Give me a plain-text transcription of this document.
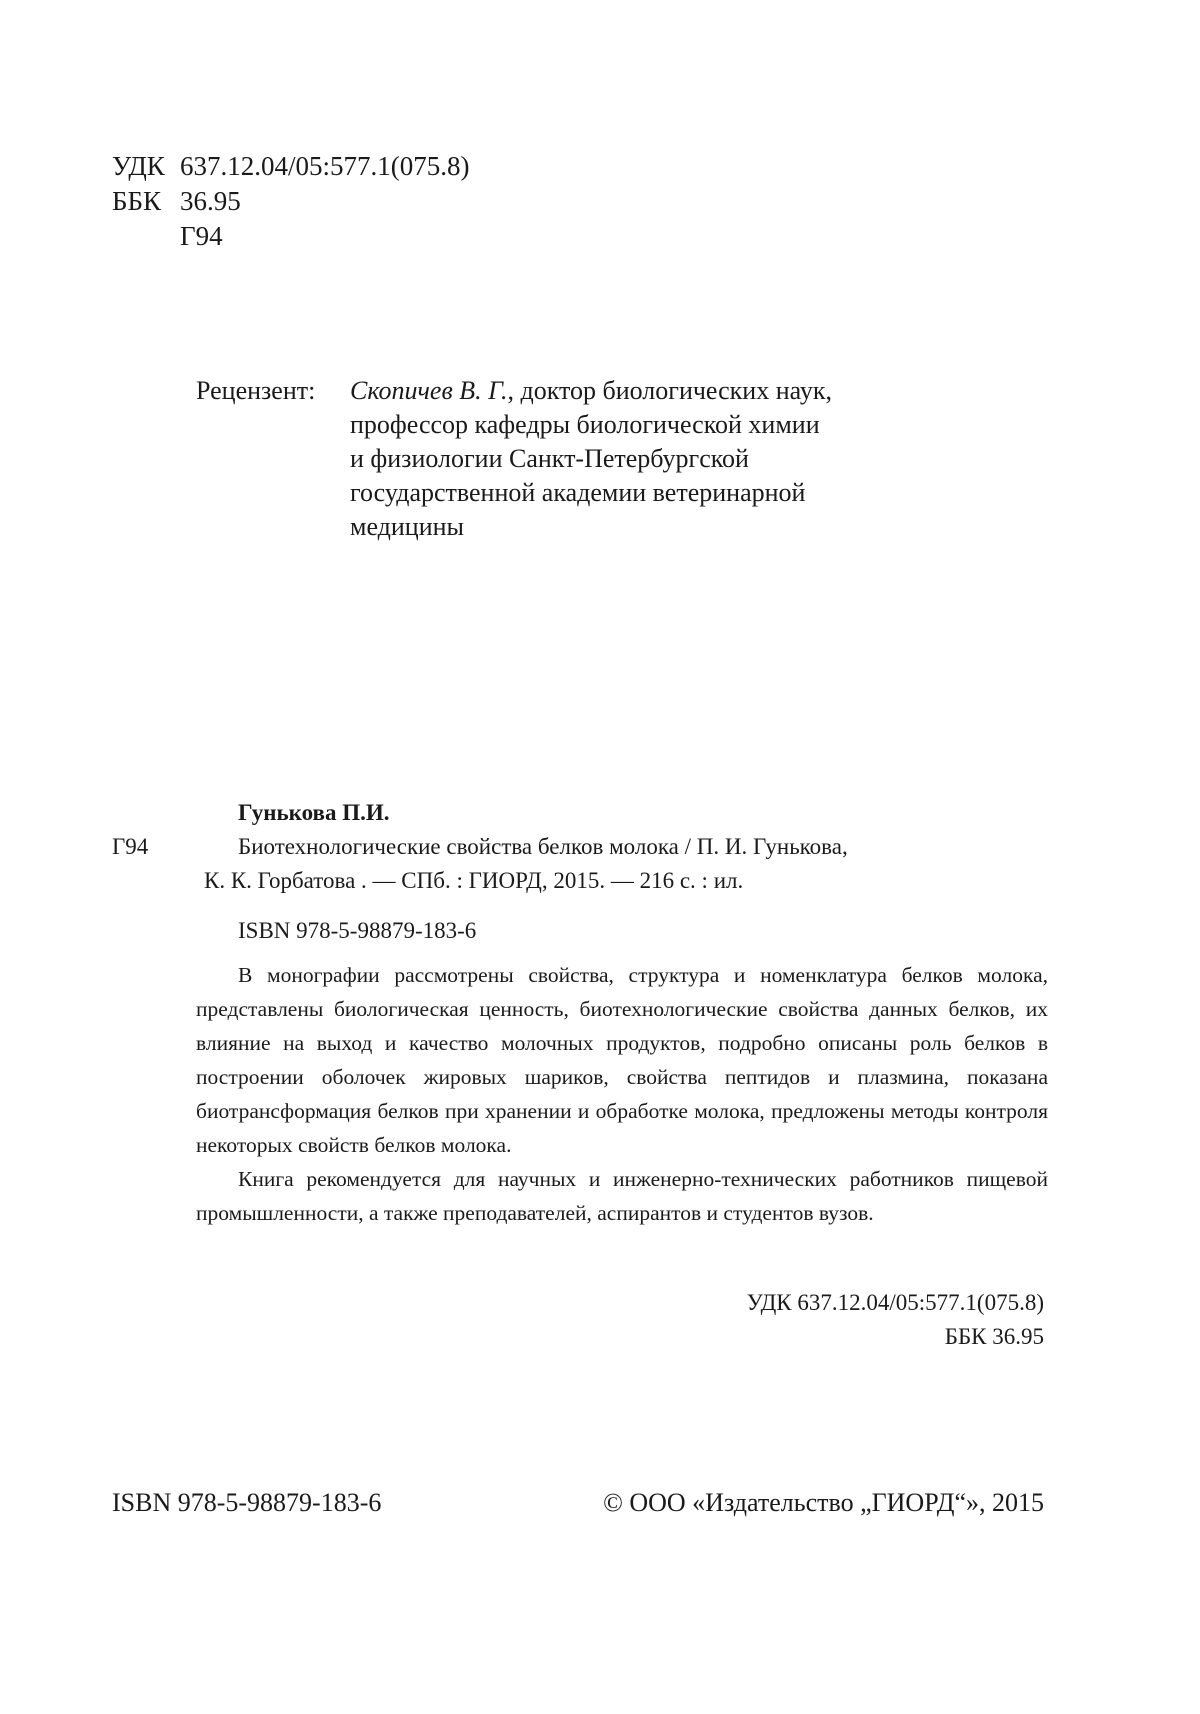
УДК 637.12.04/05:577.1(075.8)
ББК 36.95
Г94
Рецензент: Скопичев В. Г., доктор биологических наук,
профессор кафедры биологической химии
и физиологии Санкт-Петербургской
государственной академии ветеринарной
медицины
Гунькова П.И.
Г94	Биотехнологические свойства белков молока / П. И. Гунькова,
К. К. Горбатова . — СПб. : ГИОРД, 2015. — 216 с. : ил.
ISBN 978-5-98879-183-6

В монографии рассмотрены свойства, структура и номенклатура белков молока, представлены биологическая ценность, биотехнологические свойства данных белков, их влияние на выход и качество молочных продуктов, подробно описаны роль белков в построении оболочек жировых шариков, свойства пептидов и плазмина, показана биотрансформация белков при хранении и обработке молока, предложены методы контроля некоторых свойств белков молока.

Книга рекомендуется для научных и инженерно-технических работников пищевой промышленности, а также преподавателей, аспирантов и студентов вузов.

УДК 637.12.04/05:577.1(075.8)
ББК 36.95
ISBN 978-5-98879-183-6	© ООО «Издательство „ГИОРД“», 2015
